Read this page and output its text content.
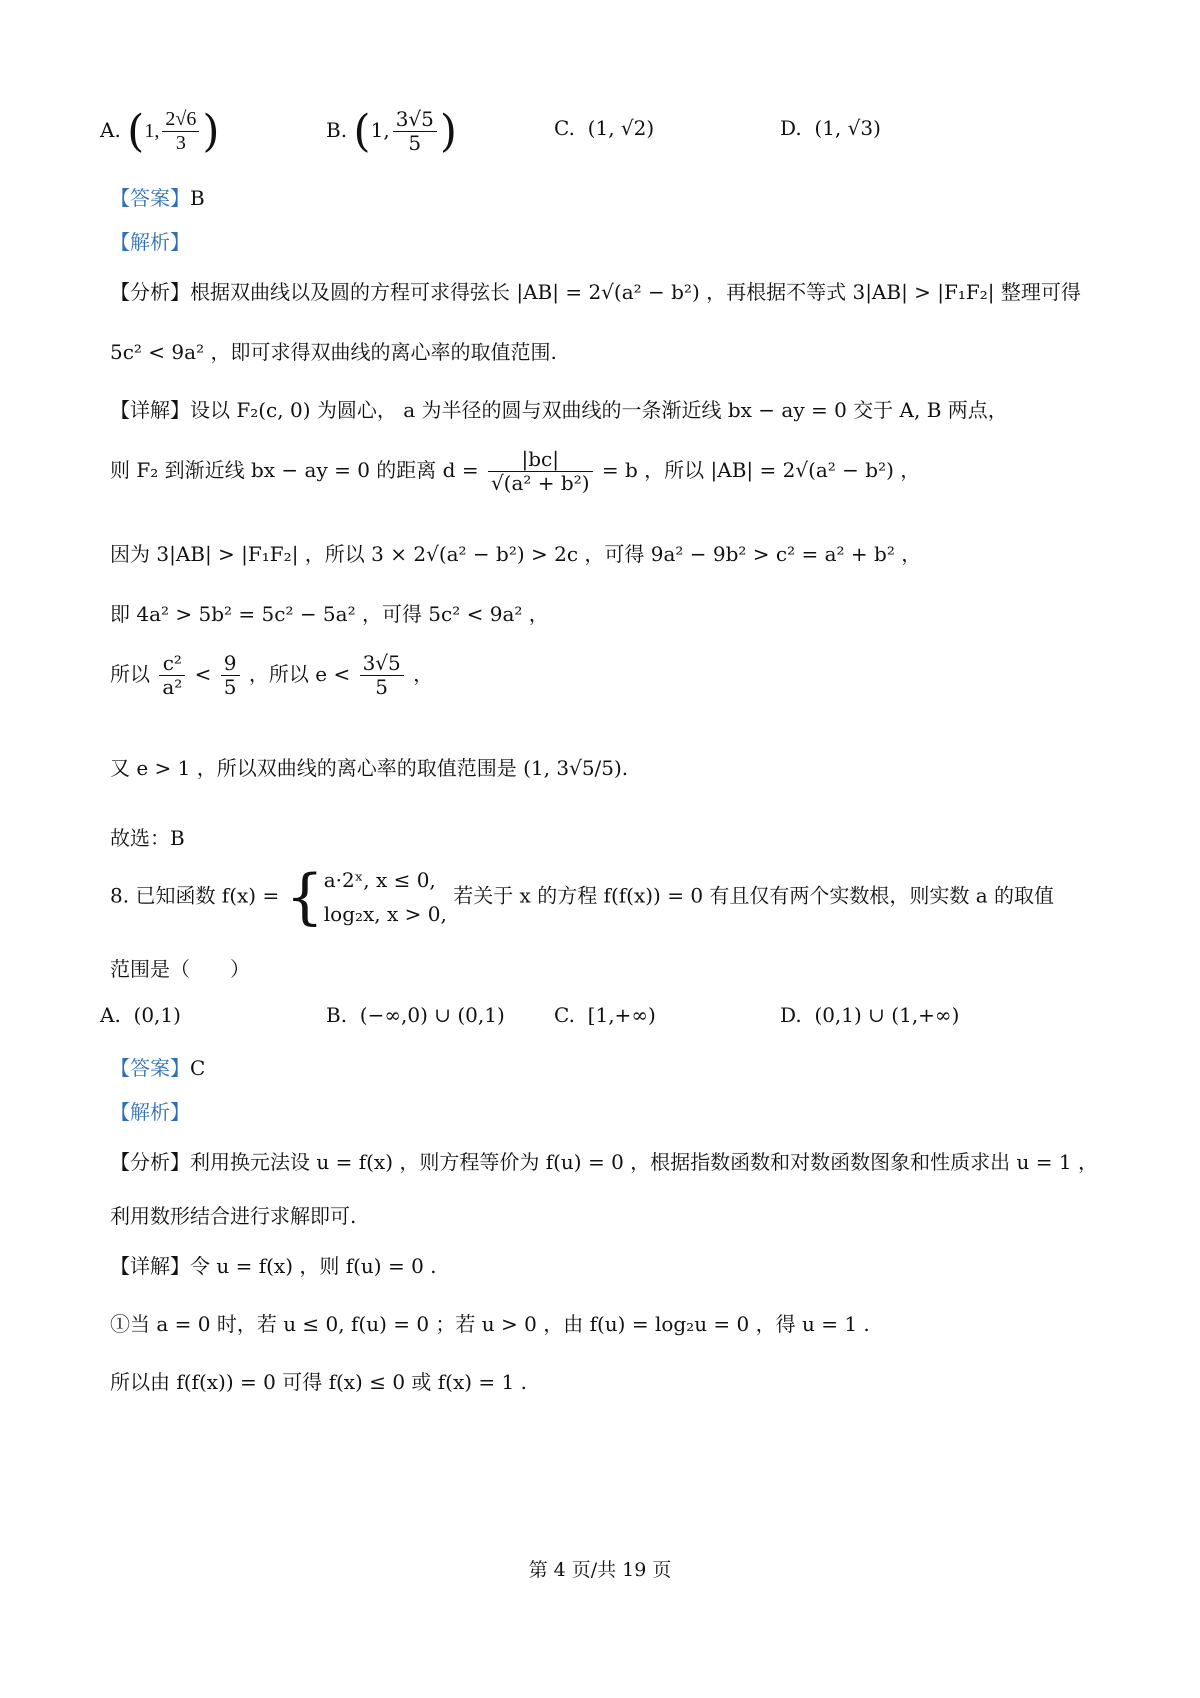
A. (1, $\frac{2√6}{3}$ )	B. (1, $\frac{3√5}{5}$ )	C. (1, √2)	D. (1, √3)
【答案】B
【解析】
【分析】根据双曲线以及圆的方程可求得弦长 |AB| = 2√(a² − b²) ，再根据不等式 3|AB| > |F₁F₂| 整理可得
5c² < 9a² ，即可求得双曲线的离心率的取值范围.
【详解】设以 F₂(c, 0) 为圆心， a 为半径的圆与双曲线的一条渐近线 bx − ay = 0 交于 A, B 两点，
则 F₂ 到渐近线 bx − ay = 0 的距离 $d = \frac{|bc|}{\text{√(a² + b²)}} = b$ ，所以 |AB| = 2√(a² − b²) ，
因为 3|AB| > |F₁F₂| ，所以 3 × 2√(a² − b²) > 2c ，可得 9a² − 9b² > c² = a² + b² ，
即 4a² > 5b² = 5c² − 5a² ，可得 5c² < 9a² ，
所以 $\frac{\text{c²}}{\text{a²}} < \frac{9}{5}$ ，所以 $e < \frac{3√5}{5}$ ，
又 e > 1 ，所以双曲线的离心率的取值范围是 (1, 3√5/5).
故选：B
8. 已知函数 f(x) = { a·2ˣ, x ≤ 0,
log₂x, x > 0,
若关于 x 的方程 f(f(x)) = 0 有且仅有两个实数根，则实数 a 的取值
范围是（　　）
A. (0,1)	B. (−∞,0) ∪ (0,1) C. [1,+∞)	D. (0,1) ∪ (1,+∞)
【答案】C
【解析】
【分析】利用换元法设 u = f(x) ，则方程等价为 f(u) = 0 ，根据指数函数和对数函数图象和性质求出 u = 1 ，
利用数形结合进行求解即可.
【详解】令 u = f(x) ，则 f(u) = 0 .
①当 a = 0 时，若 u ≤ 0, f(u) = 0 ；若 u > 0 ，由 f(u) = log₂u = 0 ，得 u = 1 .
所以由 f(f(x)) = 0 可得 f(x) ≤ 0 或 f(x) = 1 .
第 4 页/共 19 页
